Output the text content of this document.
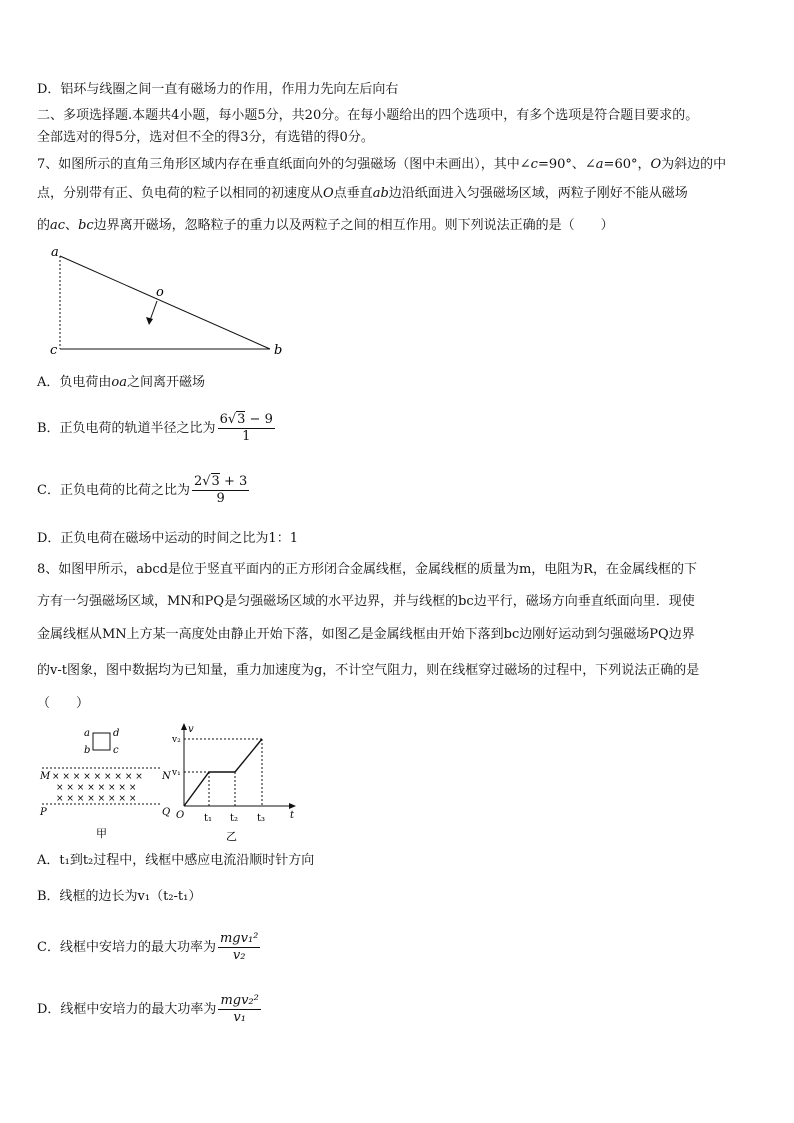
D．铝环与线圈之间一直有磁场力的作用，作用力先向左后向右
二、多项选择题.本题共4小题，每小题5分，共20分。在每小题给出的四个选项中，有多个选项是符合题目要求的。
全部选对的得5分，选对但不全的得3分，有选错的得0分。
7、如图所示的直角三角形区域内存在垂直纸面向外的匀强磁场（图中未画出），其中∠c=90°、∠a=60°，O为斜边的中
点，分别带有正、负电荷的粒子以相同的初速度从O点垂直ab边沿纸面进入匀强磁场区域，两粒子刚好不能从磁场
的ac、bc边界离开磁场，忽略粒子的重力以及两粒子之间的相互作用。则下列说法正确的是（　　）
a
o
c	b
A．负电荷由oa之间离开磁场
B．正负电荷的轨道半径之比为 $\frac{6√3 - 9}{1}$
C．正负电荷的比荷之比为 $\frac{2√3 + 3}{9}$
D．正负电荷在磁场中运动的时间之比为1：1
8、如图甲所示，abcd是位于竖直平面内的正方形闭合金属线框，金属线框的质量为m，电阻为R，在金属线框的下
方有一匀强磁场区域，MN和PQ是匀强磁场区域的水平边界，并与线框的bc边平行，磁场方向垂直纸面向里．现使
金属线框从MN上方某一高度处由静止开始下落，如图乙是金属线框由开始下落到bc边刚好运动到匀强磁场PQ边界
的v-t图象，图中数据均为已知量，重力加速度为g，不计空气阻力，则在线框穿过磁场的过程中，下列说法正确的是
（　　）
a d
b c
M	N
× × × × × × × × ×
× × × × × × × ×
× × × × × × × ×
P	Q
甲
v
t
O
v₂
v₁
t₁ t₂ t₃
乙
A．t₁到t₂过程中，线框中感应电流沿顺时针方向
B．线框的边长为v₁（t₂-t₁）
C．线框中安培力的最大功率为 $\frac{\text{mgv₁²}}{\text{v₂}}$
D．线框中安培力的最大功率为 $\frac{\text{mgv₂²}}{\text{v₁}}$
